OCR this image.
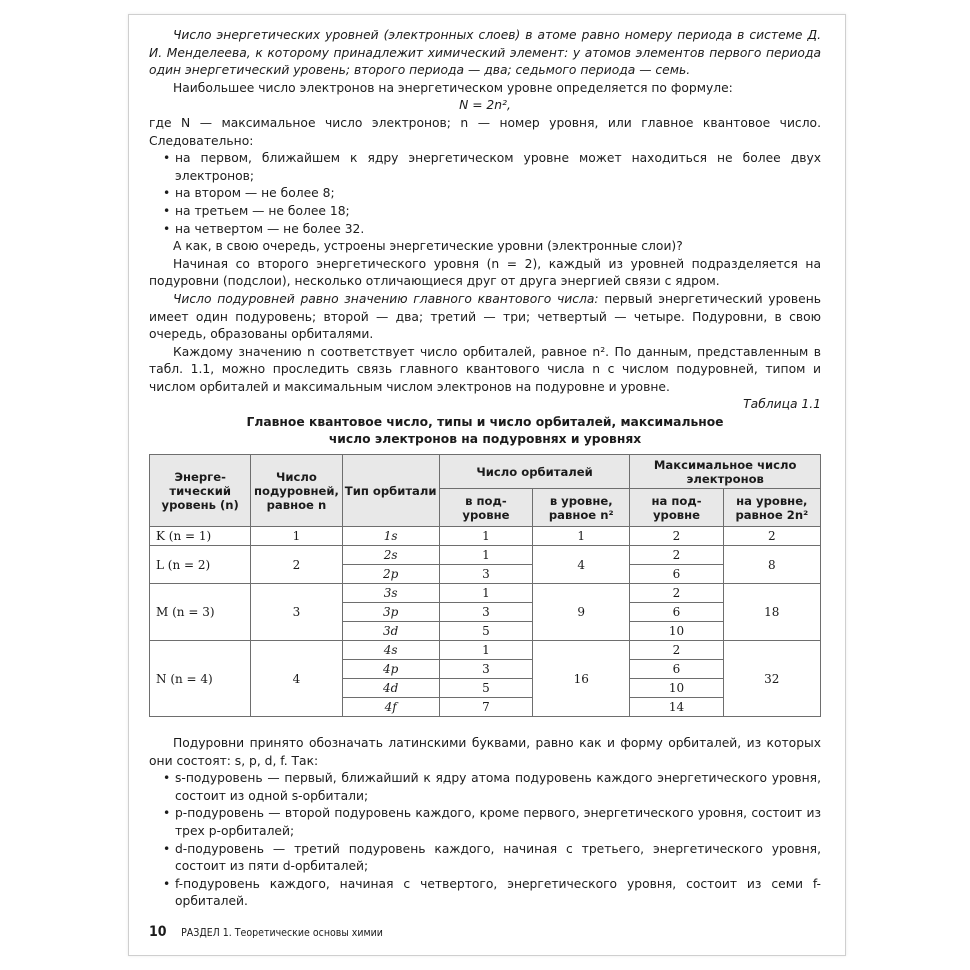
Число энергетических уровней (электронных слоев) в атоме равно номеру периода в системе Д. И. Менделеева, к которому принадлежит химический элемент: у атомов элементов первого периода один энергетический уровень; второго периода — два; седьмого периода — семь.

Наибольшее число электронов на энергетическом уровне определяется по формуле:

N = 2n²,

где N — максимальное число электронов; n — номер уровня, или главное квантовое число. Следовательно:

• на первом, ближайшем к ядру энергетическом уровне может находиться не более двух электронов;
• на втором — не более 8;
• на третьем — не более 18;
• на четвертом — не более 32.

А как, в свою очередь, устроены энергетические уровни (электронные слои)?

Начиная со второго энергетического уровня (n = 2), каждый из уровней подразделяется на подуровни (подслои), несколько отличающиеся друг от друга энергией связи с ядром.

Число подуровней равно значению главного квантового числа: первый энергетический уровень имеет один подуровень; второй — два; третий — три; четвертый — четыре. Подуровни, в свою очередь, образованы орбиталями.

Каждому значению n соответствует число орбиталей, равное n². По данным, представленным в табл. 1.1, можно проследить связь главного квантового числа n с числом подуровней, типом и числом орбиталей и максимальным числом электронов на подуровне и уровне.

Таблица 1.1

Главное квантовое число, типы и число орбиталей, максимальное
число электронов на подуровнях и уровнях
Энерге-тический уровень (n)	Число подуровней, равное n	Тип орбитали	Число орбиталей		Максимальное число электронов	
			в под-уровне	в уровне, равное n²	на под-уровне	на уровне, равное 2n²
K (n = 1)	1	1s	1	1	2	2
L (n = 2)	2	2s	1	4	2	8
		2p	3		6	
M (n = 3)	3	3s	1	9	2	18
		3p	3		6	
		3d	5		10	
N (n = 4)	4	4s	1	16	2	32
		4p	3		6	
		4d	5		10	
		4f	7		14	

Подуровни принято обозначать латинскими буквами, равно как и форму орбиталей, из которых они состоят: s, p, d, f. Так:

• s-подуровень — первый, ближайший к ядру атома подуровень каждого энергетического уровня, состоит из одной s-орбитали;
• p-подуровень — второй подуровень каждого, кроме первого, энергетического уровня, состоит из трех p-орбиталей;
• d-подуровень — третий подуровень каждого, начиная с третьего, энергетического уровня, состоит из пяти d-орбиталей;
• f-подуровень каждого, начиная с четвертого, энергетического уровня, состоит из семи f-орбиталей.
10 РАЗДЕЛ 1. Теоретические основы химии
